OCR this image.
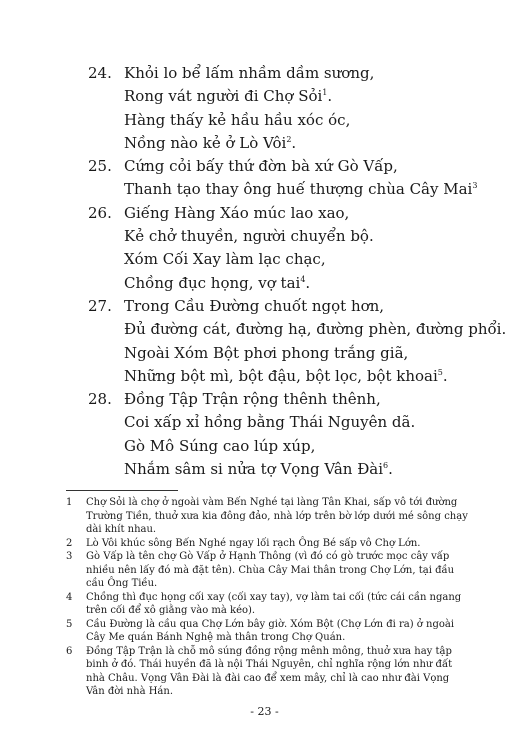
24. Khỏi lo bể lấm nhầm dầm sương,
Rong vát người đi Chợ Sỏi$^1$.
Hàng thấy kẻ hầu hầu xóc óc,
Nồng nào kẻ ở Lò Vôi$^2$.
25. Cứng cỏi bấy thứ đờn bà xứ Gò Vấp,
Thanh tạo thay ông huế thượng chùa Cây Mai$^3$
26. Giếng Hàng Xáo múc lao xao,
Kẻ chở thuyền, người chuyển bộ.
Xóm Cối Xay làm lạc chạc,
Chồng đục họng, vợ tai$^4$.
27. Trong Cầu Đường chuốt ngọt hơn,
Đủ đường cát, đường hạ, đường phèn, đường phổi.
Ngoài Xóm Bột phơi phong trắng giã,
Những bột mì, bột đậu, bột lọc, bột khoai$^5$.
28. Đồng Tập Trận rộng thênh thênh,
Coi xấp xỉ hồng bằng Thái Nguyên dã.
Gò Mô Súng cao lúp xúp,
Nhắm sâm si nửa tợ Vọng Vân Đài$^6$.
1 Chợ Sỏi là chợ ở ngoài vàm Bến Nghé tại làng Tân Khai, sấp vô tới đường Trường Tiền, thuở xưa kia đông đảo, nhà lớp trên bờ lớp dưới mé sông chạy dài khít nhau.
2 Lò Vôi khúc sông Bến Nghé ngay lối rạch Ông Bé sấp vô Chợ Lớn.
3 Gò Vấp là tên chợ Gò Vấp ở Hạnh Thông (vì đó có gò trước mọc cây vấp nhiều nên lấy đó mà đặt tên). Chùa Cây Mai thân trong Chợ Lớn, tại đầu cầu Ông Tiều.
4 Chồng thì đục họng cối xay (cối xay tay), vợ làm tai cối (tức cái cần ngang trên cối để xô giằng vào mà kéo).
5 Cầu Đường là cầu qua Chợ Lớn bây giờ. Xóm Bột (Chợ Lớn đi ra) ở ngoài Cây Me quán Bánh Nghệ mà thân trong Chợ Quán.
6 Đồng Tập Trận là chỗ mô súng đồng rộng mênh mông, thuở xưa hay tập binh ở đó. Thái huyền đã là nội Thái Nguyên, chỉ nghĩa rộng lớn như đất nhà Châu. Vọng Vân Đài là đài cao để xem mây, chỉ là cao như đài Vọng Vân đời nhà Hán.
- 23 -
